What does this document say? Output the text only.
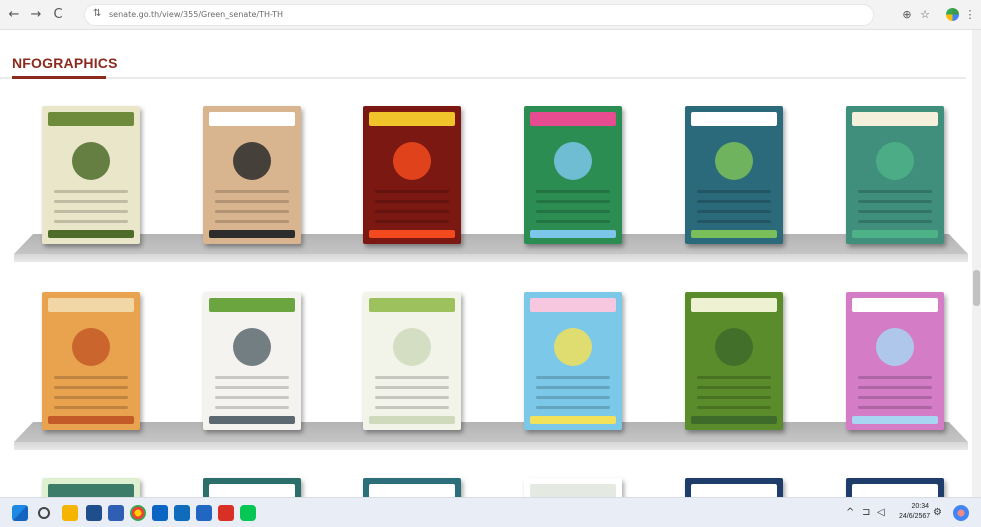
← → C	⇅ senate.go.th/view/355/Green_senate/TH-TH	⊕ ☆	⋮
NFOGRAPHICS
^ ⊐ ◁
20:34
24/6/2567 ⚙
